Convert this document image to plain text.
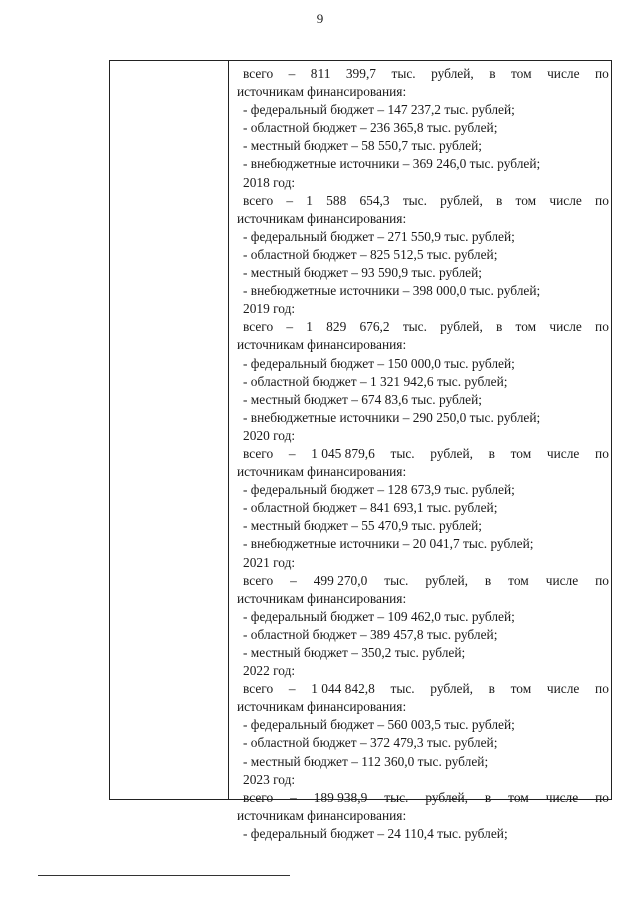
9
всего – 811 399,7 тыс. рублей, в том числе по
источникам финансирования:
- федеральный бюджет – 147 237,2 тыс. рублей;
- областной бюджет – 236 365,8 тыс. рублей;
- местный бюджет – 58 550,7 тыс. рублей;
- внебюджетные источники – 369 246,0 тыс. рублей;
2018 год:
всего – 1 588 654,3 тыс. рублей, в том числе по
источникам финансирования:
- федеральный бюджет – 271 550,9 тыс. рублей;
- областной бюджет – 825 512,5 тыс. рублей;
- местный бюджет – 93 590,9 тыс. рублей;
- внебюджетные источники – 398 000,0 тыс. рублей;
2019 год:
всего – 1 829 676,2 тыс. рублей, в том числе по
источникам финансирования:
- федеральный бюджет – 150 000,0 тыс. рублей;
- областной бюджет – 1 321 942,6 тыс. рублей;
- местный бюджет – 674 83,6 тыс. рублей;
- внебюджетные источники – 290 250,0 тыс. рублей;
2020 год:
всего – 1 045 879,6 тыс. рублей, в том числе по
источникам финансирования:
- федеральный бюджет – 128 673,9 тыс. рублей;
- областной бюджет – 841 693,1 тыс. рублей;
- местный бюджет – 55 470,9 тыс. рублей;
- внебюджетные источники – 20 041,7 тыс. рублей;
2021 год:
всего – 499 270,0 тыс. рублей, в том числе по
источникам финансирования:
- федеральный бюджет – 109 462,0 тыс. рублей;
- областной бюджет – 389 457,8 тыс. рублей;
- местный бюджет – 350,2 тыс. рублей;
2022 год:
всего – 1 044 842,8 тыс. рублей, в том числе по
источникам финансирования:
- федеральный бюджет – 560 003,5 тыс. рублей;
- областной бюджет – 372 479,3 тыс. рублей;
- местный бюджет – 112 360,0 тыс. рублей;
2023 год:
всего – 189 938,9 тыс. рублей, в том числе по
источникам финансирования:
- федеральный бюджет – 24 110,4 тыс. рублей;
